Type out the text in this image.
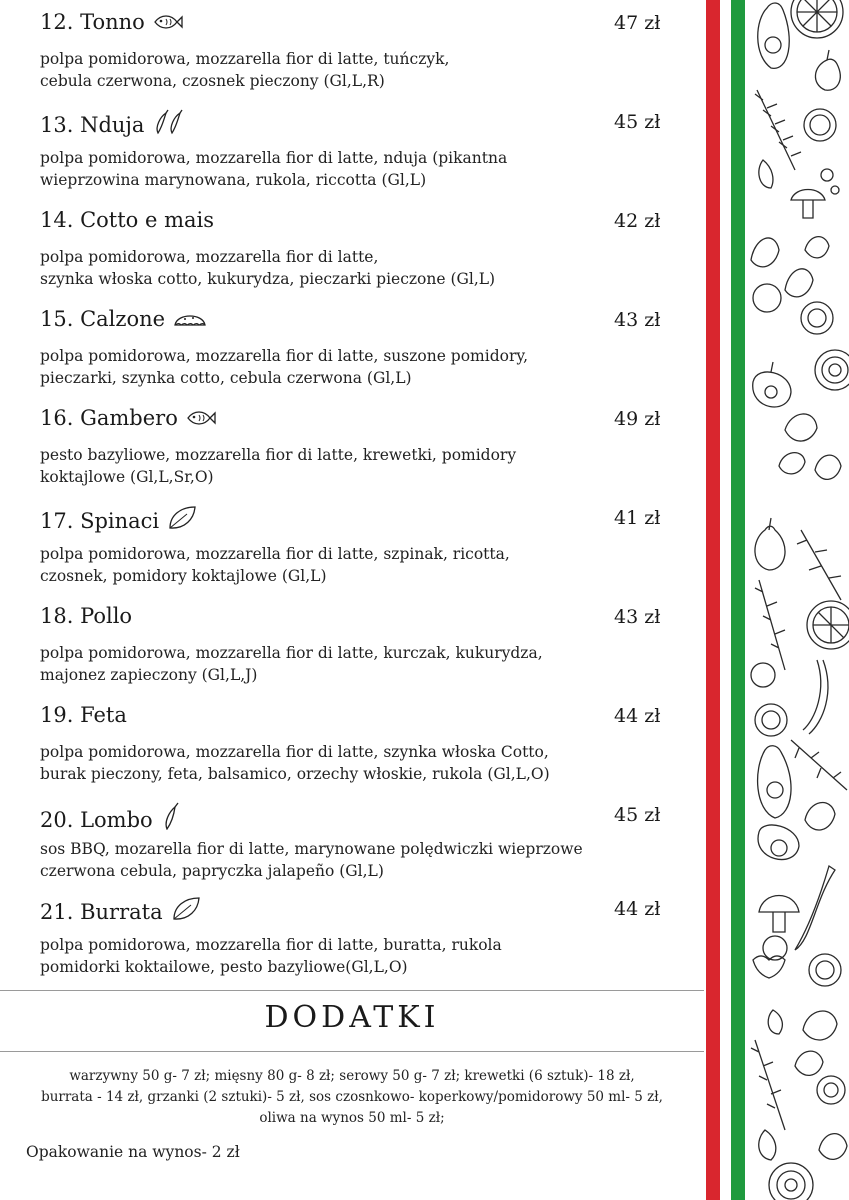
12. Tonno	47 zł
polpa pomidorowa, mozzarella fior di latte, tuńczyk,
cebula czerwona, czosnek pieczony (Gl,L,R)
13. Nduja	45 zł
polpa pomidorowa, mozzarella fior di latte, nduja (pikantna
wieprzowina marynowana, rukola, riccotta (Gl,L)
14. Cotto e mais	42 zł
polpa pomidorowa, mozzarella fior di latte,
szynka włoska cotto, kukurydza, pieczarki pieczone (Gl,L)
15. Calzone	43 zł
polpa pomidorowa, mozzarella fior di latte, suszone pomidory,
pieczarki, szynka cotto, cebula czerwona (Gl,L)
16. Gambero	49 zł
pesto bazyliowe, mozzarella fior di latte, krewetki, pomidory
koktajlowe (Gl,L,Sr,O)
17. Spinaci	41 zł
polpa pomidorowa, mozzarella fior di latte, szpinak, ricotta,
czosnek, pomidory koktajlowe (Gl,L)
18. Pollo	43 zł
polpa pomidorowa, mozzarella fior di latte, kurczak, kukurydza,
majonez zapieczony (Gl,L,J)
19. Feta	44 zł
polpa pomidorowa, mozzarella fior di latte, szynka włoska Cotto,
burak pieczony, feta, balsamico, orzechy włoskie, rukola (Gl,L,O)
20. Lombo	45 zł
sos BBQ, mozarella fior di latte, marynowane polędwiczki wieprzowe
czerwona cebula, papryczka jalapeño (Gl,L)
21. Burrata	44 zł
polpa pomidorowa, mozzarella fior di latte, buratta, rukola
pomidorki koktailowe, pesto bazyliowe(Gl,L,O)
DODATKI
warzywny 50 g- 7 zł; mięsny 80 g- 8 zł; serowy 50 g- 7 zł; krewetki (6 sztuk)- 18 zł,
burrata - 14 zł, grzanki (2 sztuki)- 5 zł, sos czosnkowo- koperkowy/pomidorowy 50 ml- 5 zł,
oliwa na wynos 50 ml- 5 zł;
Opakowanie na wynos- 2 zł
